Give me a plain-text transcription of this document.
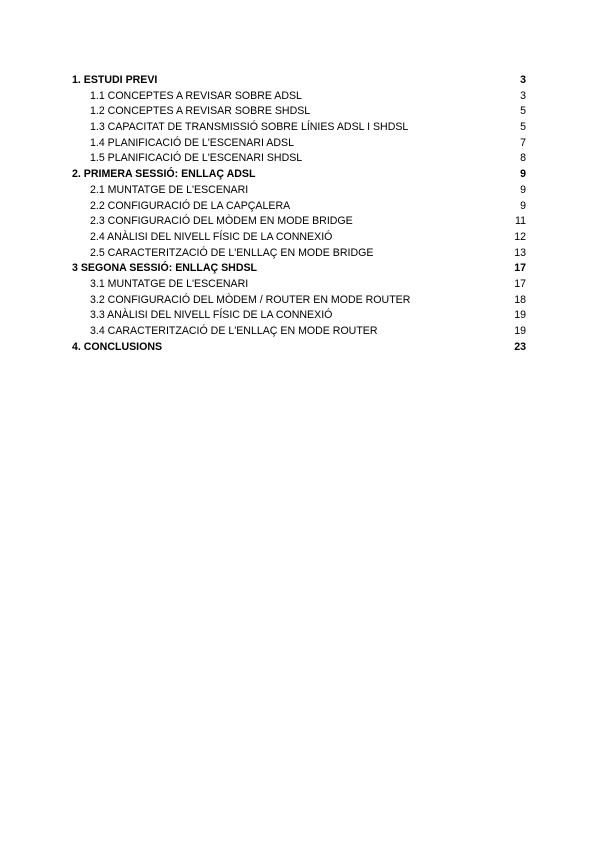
1. ESTUDI PREVI	3
1.1 CONCEPTES A REVISAR SOBRE ADSL	3
1.2 CONCEPTES A REVISAR SOBRE SHDSL	5
1.3 CAPACITAT DE TRANSMISSIÓ SOBRE LÍNIES ADSL I SHDSL	5
1.4 PLANIFICACIÓ DE L'ESCENARI ADSL	7
1.5 PLANIFICACIÓ DE L'ESCENARI SHDSL	8
2. PRIMERA SESSIÓ: ENLLAÇ ADSL	9
2.1 MUNTATGE DE L'ESCENARI	9
2.2 CONFIGURACIÓ DE LA CAPÇALERA	9
2.3 CONFIGURACIÓ DEL MÒDEM EN MODE BRIDGE	11
2.4 ANÀLISI DEL NIVELL FÍSIC DE LA CONNEXIÓ	12
2.5 CARACTERITZACIÓ DE L'ENLLAÇ EN MODE BRIDGE	13
3 SEGONA SESSIÓ: ENLLAÇ SHDSL	17
3.1 MUNTATGE DE L'ESCENARI	17
3.2 CONFIGURACIÓ DEL MÒDEM / ROUTER EN MODE ROUTER	18
3.3 ANÀLISI DEL NIVELL FÍSIC DE LA CONNEXIÓ	19
3.4 CARACTERITZACIÓ DE L'ENLLAÇ EN MODE ROUTER	19
4. CONCLUSIONS	23
